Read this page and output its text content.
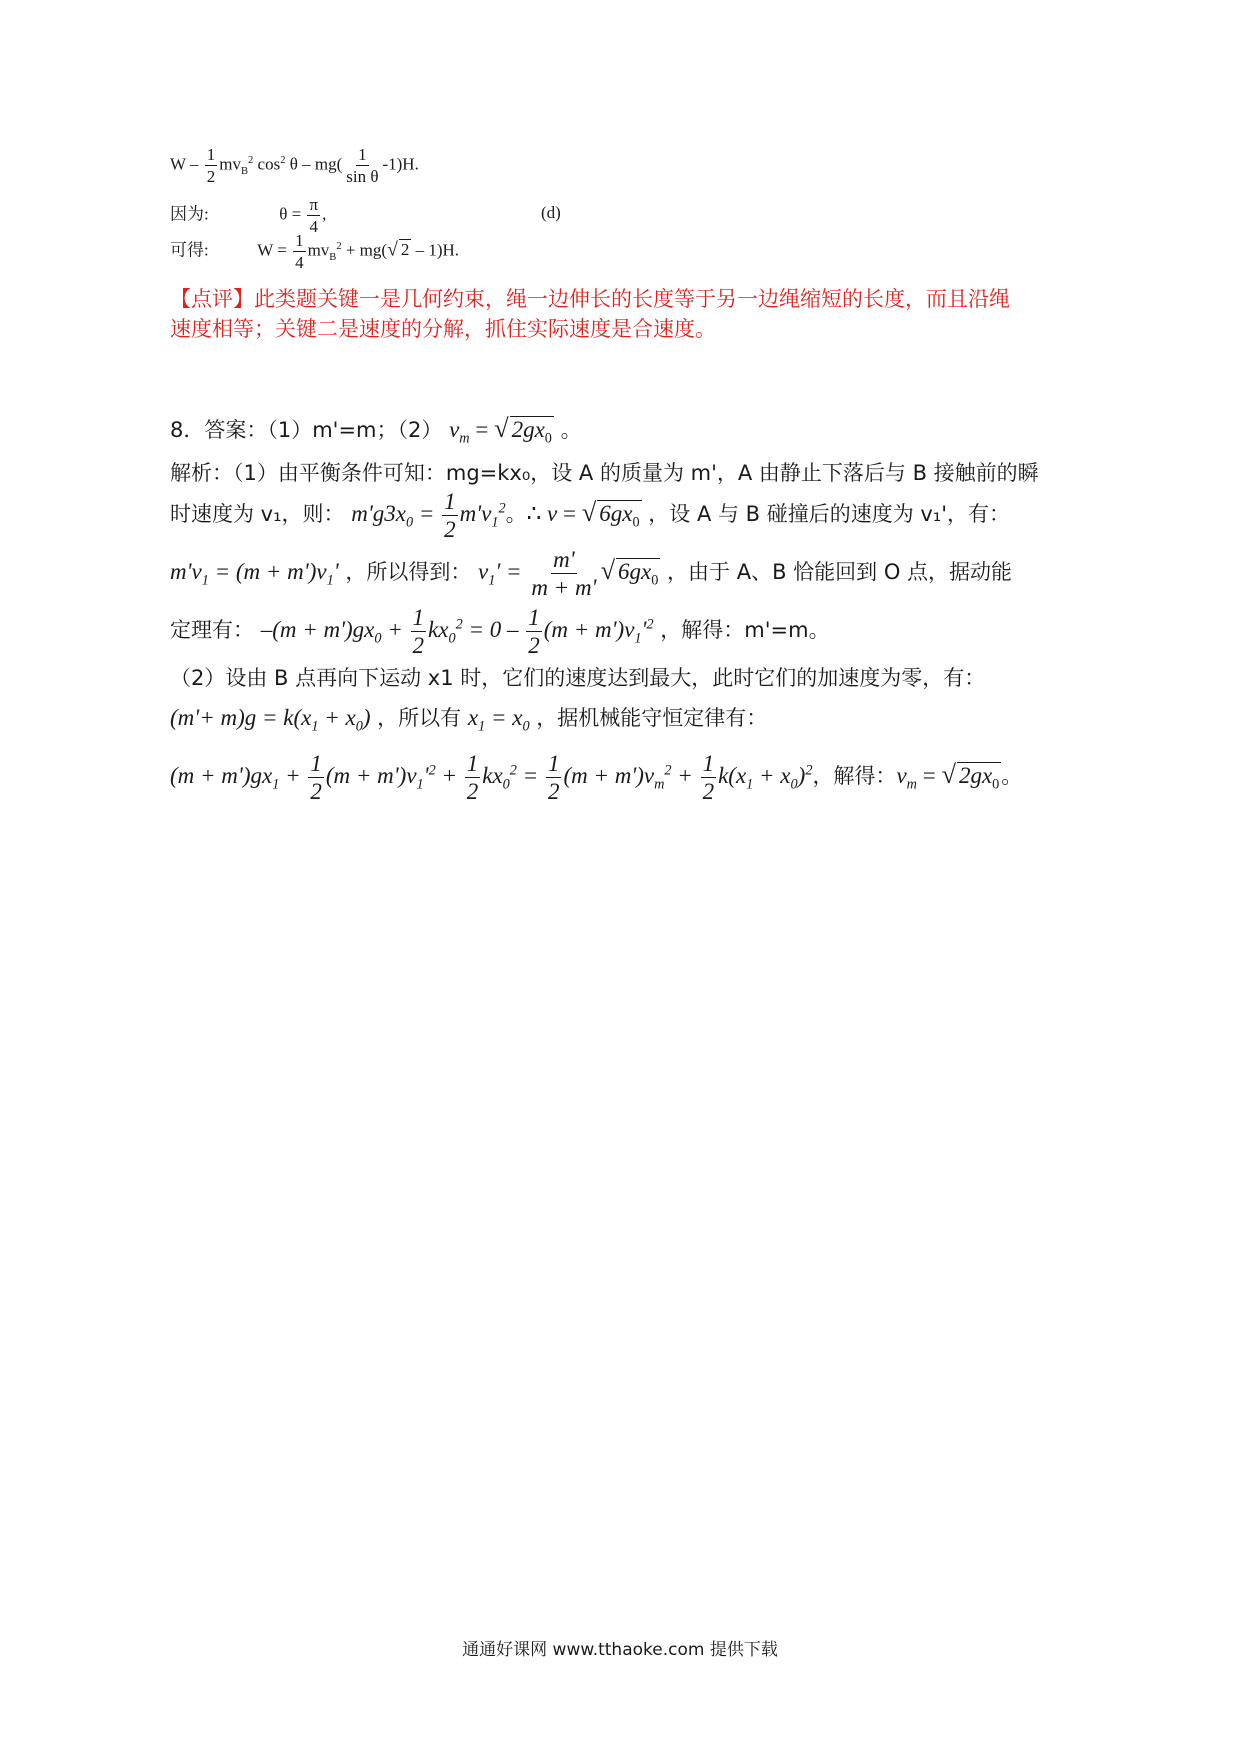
W – $\frac{1}{2} mv_B^2$ $\cos^2 \theta - mg( \frac{1}{\text{sin θ}} -1)H$.
因为:	$\theta = \frac{\pi}{4}$ ,	(d)
可得:	$W = \frac{1}{4} mv_B^2 + mg(√$ 2 – 1)H.
【点评】此类题关键一是几何约束，绳一边伸长的长度等于另一边绳缩短的长度，而且沿绳
速度相等；关键二是速度的分解，抓住实际速度是合速度。
8．答案：（1）m'=m；（2） $v_m$ = √ $2gx_0$ 。
解析：（1）由平衡条件可知：mg=kx₀，设 A 的质量为 m'，A 由静止下落后与 B 接触前的瞬
时速度为 v₁，则： $m'g3x_0 = \frac{1}{2} m'v_1^2$。∴ v = √ $6gx_0$ ，设 A 与 B 碰撞后的速度为 v₁'，有：
$m'v_1 = (m + m')v_1'$ ，所以得到： $v_1' = \frac{m'}{m + m'}$ √ $6gx_0$ ，由于 A、B 恰能回到 O 点，据动能
定理有： $-(m + m')gx_0 + \frac{1}{2} kx_0^2 = 0 - \frac{1}{2} (m + m')v_1'^2$ ，解得：m'=m。
（2）设由 B 点再向下运动 x1 时，它们的速度达到最大，此时它们的加速度为零，有：
$(m'+ m)g = k(x_1 + x_0)$ ，所以有 $x_1 = x_0$ ，据机械能守恒定律有：
$(m + m')gx_1 + \frac{1}{2} (m + m')v_1'^2 + \frac{1}{2} kx_0^2 = \frac{1}{2} (m + m')v_m^2 + \frac{1}{2} k(x_1 + x_0)^2$，解得：$v_m$ = √ $2gx_0$。
通通好课网 www.tthaoke.com 提供下载
